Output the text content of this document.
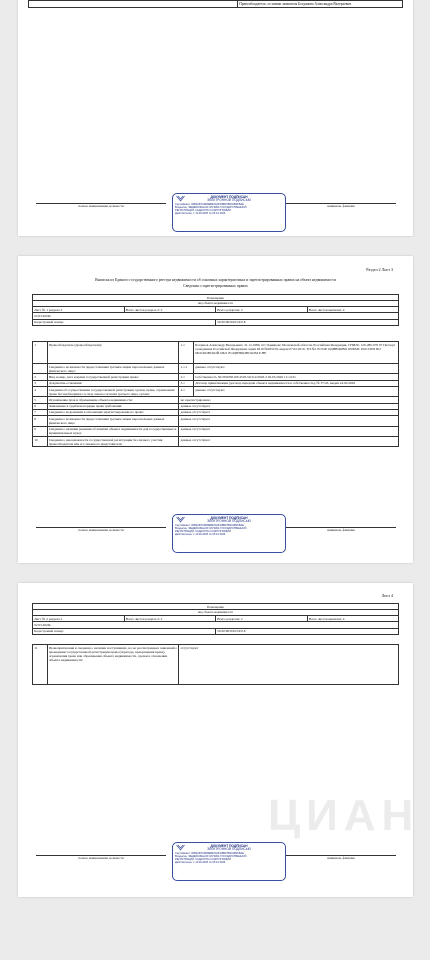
	Правообладатель: от имени заявителя Богданова Александра Валерьевич
ДОКУМЕНТ ПОДПИСАН
ЭЛЕКТРОННОЙ ПОДПИСЬЮ
Сертификат: 00B3AB7A9D8EBE7E3FD8B97B491B3FBAE
Владелец: ФЕДЕРАЛЬНАЯ СЛУЖБА ГОСУДАРСТВЕННОЙ
РЕГИСТРАЦИИ, КАДАСТРА И КАРТОГРАФИИ
Действителен: с 11.09.2025 по 05.12.2026
полное наименование должности	инициалы, фамилия
Раздел 2 Лист 3
Выписка из Единого государственного реестра недвижимости об основных характеристиках и зарегистрированных правах на объект недвижимости
Сведения о зарегистрированных правах
Помещение			
вид объекта недвижимости			
Лист № 1 раздела 2	Всего листов раздела 2: 2	Всего разделов: 2	Всего листов выписки: 4
02.03.2026г.			
Кадастровый номер:		50:20:0030103:4518	
1	Правообладатель (правообладатели):	1.1	Богданов Александр Валерьевич, 31.12.1980, пгт Одинцово Московской области, Российская Федерация, СНИЛС 120-280-076 97 Паспорт гражданина Российской Федерации серии 4610 №093159, выдан 07.02.2010, ТП №1 В ГОР. ОДИНЦОВО ОУФМС РОССИИ ПО МОСКОВСКОЙ ОБЛ. В ОДИНЦОВСКОМ Р-НЕ
	Сведения о возможности предоставления третьим лицам персональных данных физического лица:	1.1.1	данные отсутствуют
2	Вид, номер, дата и время государственной регистрации права:	2.1	Собственность 50:20:0030103:4518-50/112/2026-3 02.03.2026 11:14:31
3	Документы-основания	3.1	Договор приватизации (договор передачи объекта недвижимости в собственность), № 57/43, выдан 24.02.2026
4	Сведения об осуществлении государственной регистрации сделки, права, ограничения права без необходимого в силу закона согласия третьего лица, органа:	4.1	данные отсутствуют
5	Ограничение прав и обременение объекта недвижимости:	не зарегистрировано	
6	Заявленные в судебном порядке права требования:	данные отсутствуют	
7	Сведения о возражении в отношении зарегистрированного права:	данные отсутствуют	
8	Сведения о возможности предоставления третьим лицам персональных данных физического лица	данные отсутствуют	
9	Сведения о наличии решения об изъятии объекта недвижимости для государственных и муниципальных нужд:	данные отсутствуют	
10	Сведения о невозможности государственной регистрации без личного участия правообладателя или его законного представителя:	данные отсутствуют	
ДОКУМЕНТ ПОДПИСАН
ЭЛЕКТРОННОЙ ПОДПИСЬЮ
Сертификат: 00B3AB7A9D8EBE7E3FD8B97B491B3FBAE
Владелец: ФЕДЕРАЛЬНАЯ СЛУЖБА ГОСУДАРСТВЕННОЙ
РЕГИСТРАЦИИ, КАДАСТРА И КАРТОГРАФИИ
Действителен: с 11.09.2025 по 05.12.2026
полное наименование должности	инициалы, фамилия
Лист 4
Помещение			
вид объекта недвижимости			
Лист № 2 раздела 2	Всего листов раздела 2: 2	Всего разделов: 2	Всего листов выписки: 4
02.03.2026г.			
Кадастровый номер:		50:20:0030103:4518	
11	Правопритязания и сведения о наличии поступивших, но не рассмотренных заявлений о проведении государственной регистрации права (перехода, прекращения права), ограничения права или обременения объекта недвижимости, сделки в отношении объекта недвижимости:	отсутствуют
ЦИАН
ДОКУМЕНТ ПОДПИСАН
ЭЛЕКТРОННОЙ ПОДПИСЬЮ
Сертификат: 00B3AB7A9D8EBE7E3FD8B97B491B3FBAE
Владелец: ФЕДЕРАЛЬНАЯ СЛУЖБА ГОСУДАРСТВЕННОЙ
РЕГИСТРАЦИИ, КАДАСТРА И КАРТОГРАФИИ
Действителен: с 11.09.2025 по 05.12.2026
полное наименование должности	инициалы, фамилия
